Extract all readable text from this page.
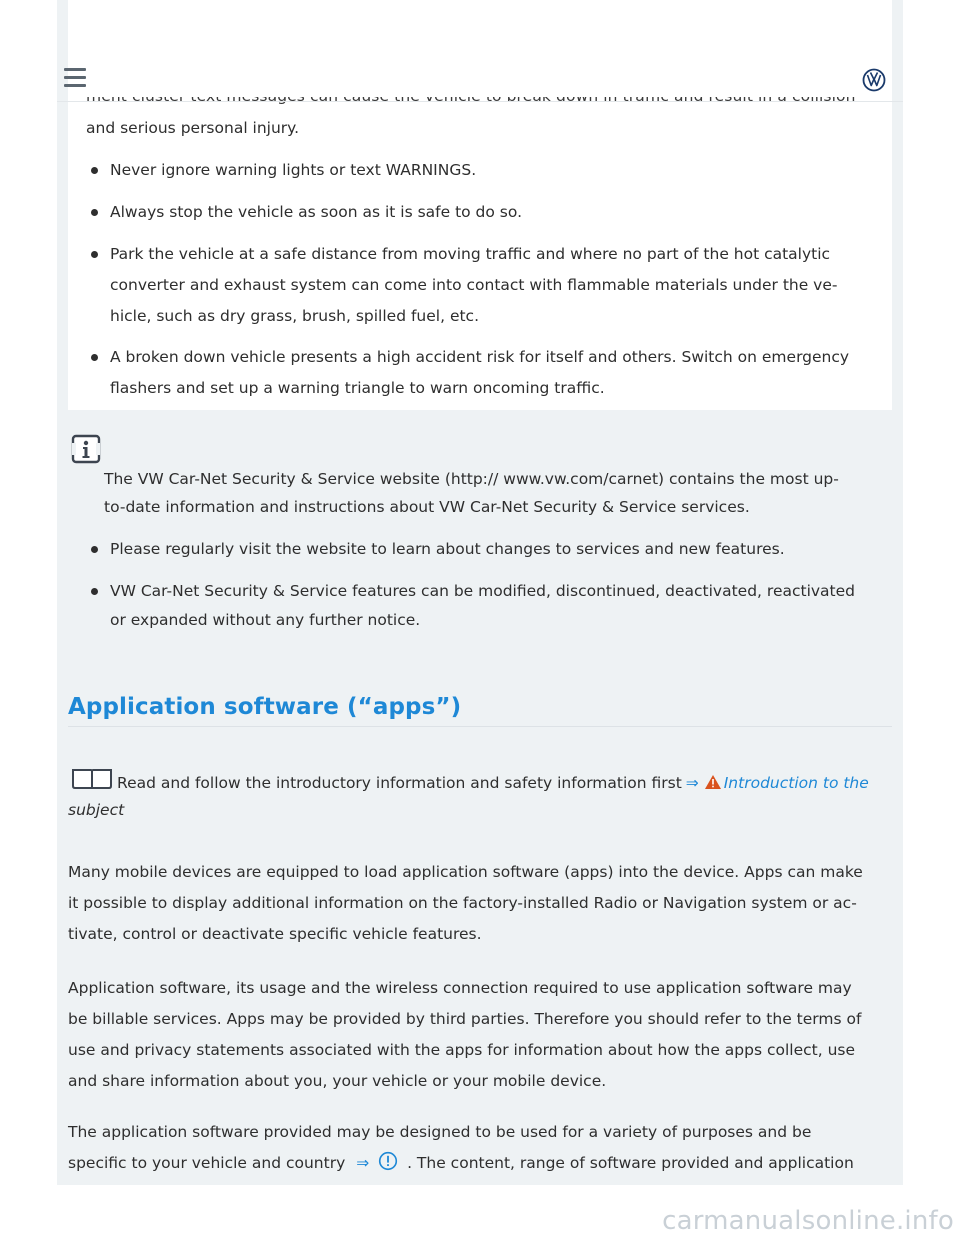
and serious personal injury.
Never ignore warning lights or text WARNINGS.
Always stop the vehicle as soon as it is safe to do so.
Park the vehicle at a safe distance from moving traffic and where no part of the hot catalytic
converter and exhaust system can come into contact with flammable materials under the ve-
hicle, such as dry grass, brush, spilled fuel, etc.
A broken down vehicle presents a high accident risk for itself and others. Switch on emergency
flashers and set up a warning triangle to warn oncoming traffic.
The VW Car-Net Security & Service website (http:// www.vw.com/carnet) contains the most up-
to-date information and instructions about VW Car-Net Security & Service services.
Please regularly visit the website to learn about changes to services and new features.
VW Car-Net Security & Service features can be modified, discontinued, deactivated, reactivated
or expanded without any further notice.
Application software (“apps”)
Read and follow the introductory information and safety information first ⇒ Introduction to the
subject
Many mobile devices are equipped to load application software (apps) into the device. Apps can make
it possible to display additional information on the factory-installed Radio or Navigation system or ac-
tivate, control or deactivate specific vehicle features.
Application software, its usage and the wireless connection required to use application software may
be billable services. Apps may be provided by third parties. Therefore you should refer to the terms of
use and privacy statements associated with the apps for information about how the apps collect, use
and share information about you, your vehicle or your mobile device.
The application software provided may be designed to be used for a variety of purposes and be
specific to your vehicle and country ⇒ . The content, range of software provided and application
carmanualsonline.info
